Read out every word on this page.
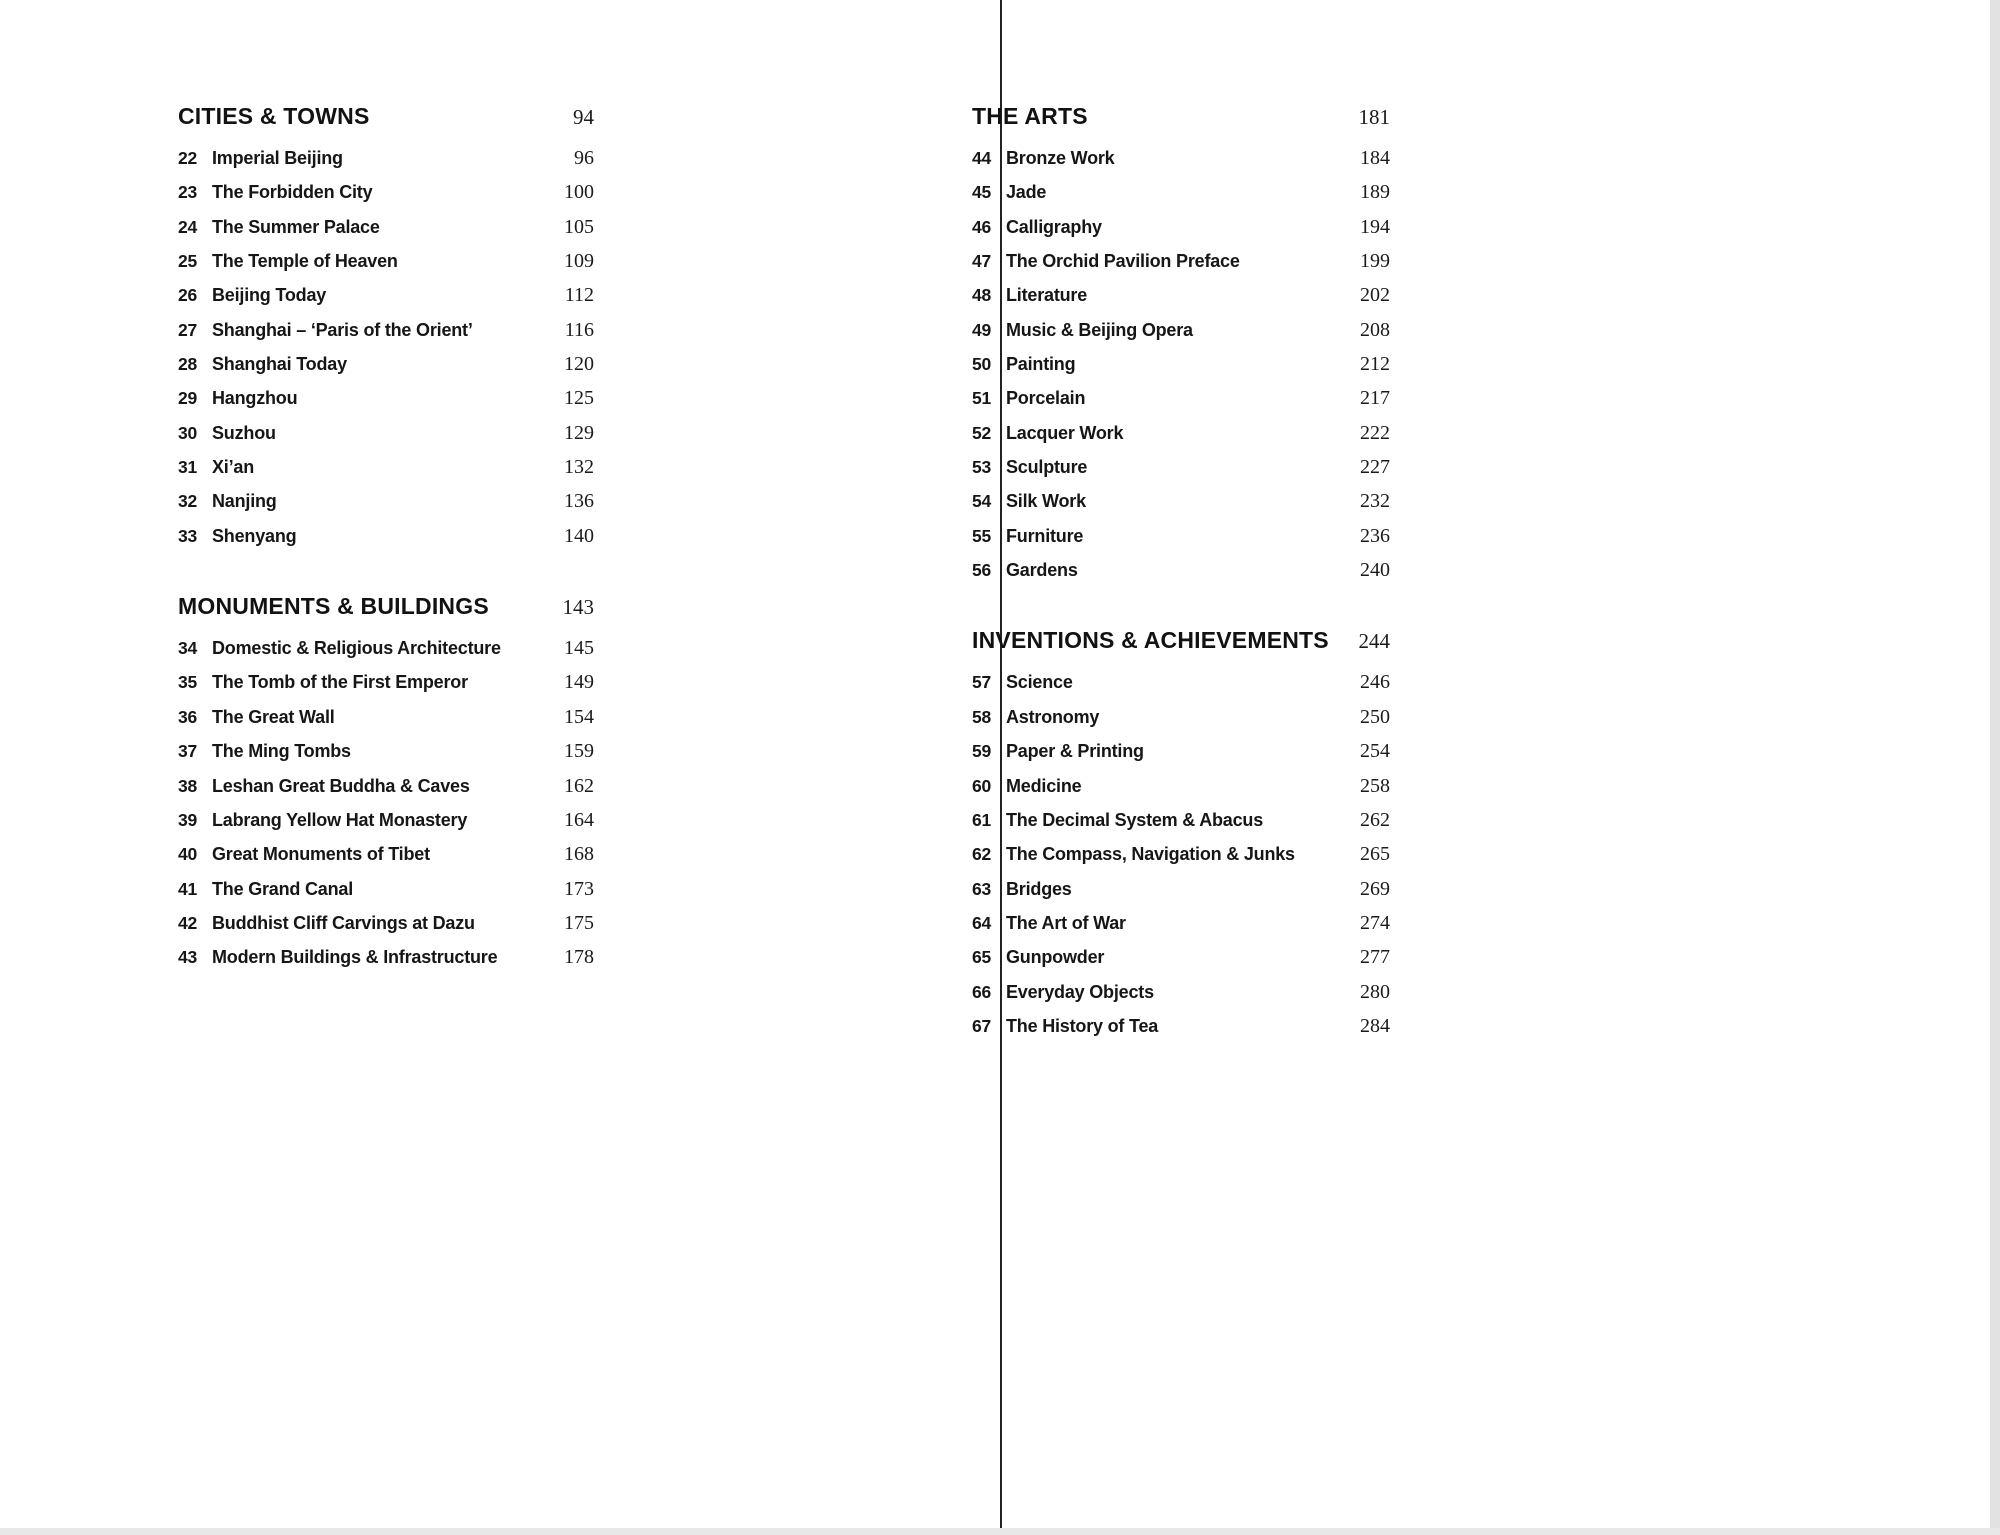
CITIES & TOWNS	94
22 Imperial Beijing	96
23 The Forbidden City	100
24 The Summer Palace	105
25 The Temple of Heaven	109
26 Beijing Today	112
27 Shanghai – ‘Paris of the Orient’	116
28 Shanghai Today	120
29 Hangzhou	125
30 Suzhou	129
31 Xi’an	132
32 Nanjing	136
33 Shenyang	140
MONUMENTS & BUILDINGS	143
34 Domestic & Religious Architecture	145
35 The Tomb of the First Emperor	149
36 The Great Wall	154
37 The Ming Tombs	159
38 Leshan Great Buddha & Caves	162
39 Labrang Yellow Hat Monastery	164
40 Great Monuments of Tibet	168
41 The Grand Canal	173
42 Buddhist Cliff Carvings at Dazu	175
43 Modern Buildings & Infrastructure	178
THE ARTS	181
44 Bronze Work	184
45 Jade	189
46 Calligraphy	194
47 The Orchid Pavilion Preface	199
48 Literature	202
49 Music & Beijing Opera	208
50 Painting	212
51 Porcelain	217
52 Lacquer Work	222
53 Sculpture	227
54 Silk Work	232
55 Furniture	236
56 Gardens	240
INVENTIONS & ACHIEVEMENTS 244
57 Science	246
58 Astronomy	250
59 Paper & Printing	254
60 Medicine	258
61 The Decimal System & Abacus	262
62 The Compass, Navigation & Junks	265
63 Bridges	269
64 The Art of War	274
65 Gunpowder	277
66 Everyday Objects	280
67 The History of Tea	284
